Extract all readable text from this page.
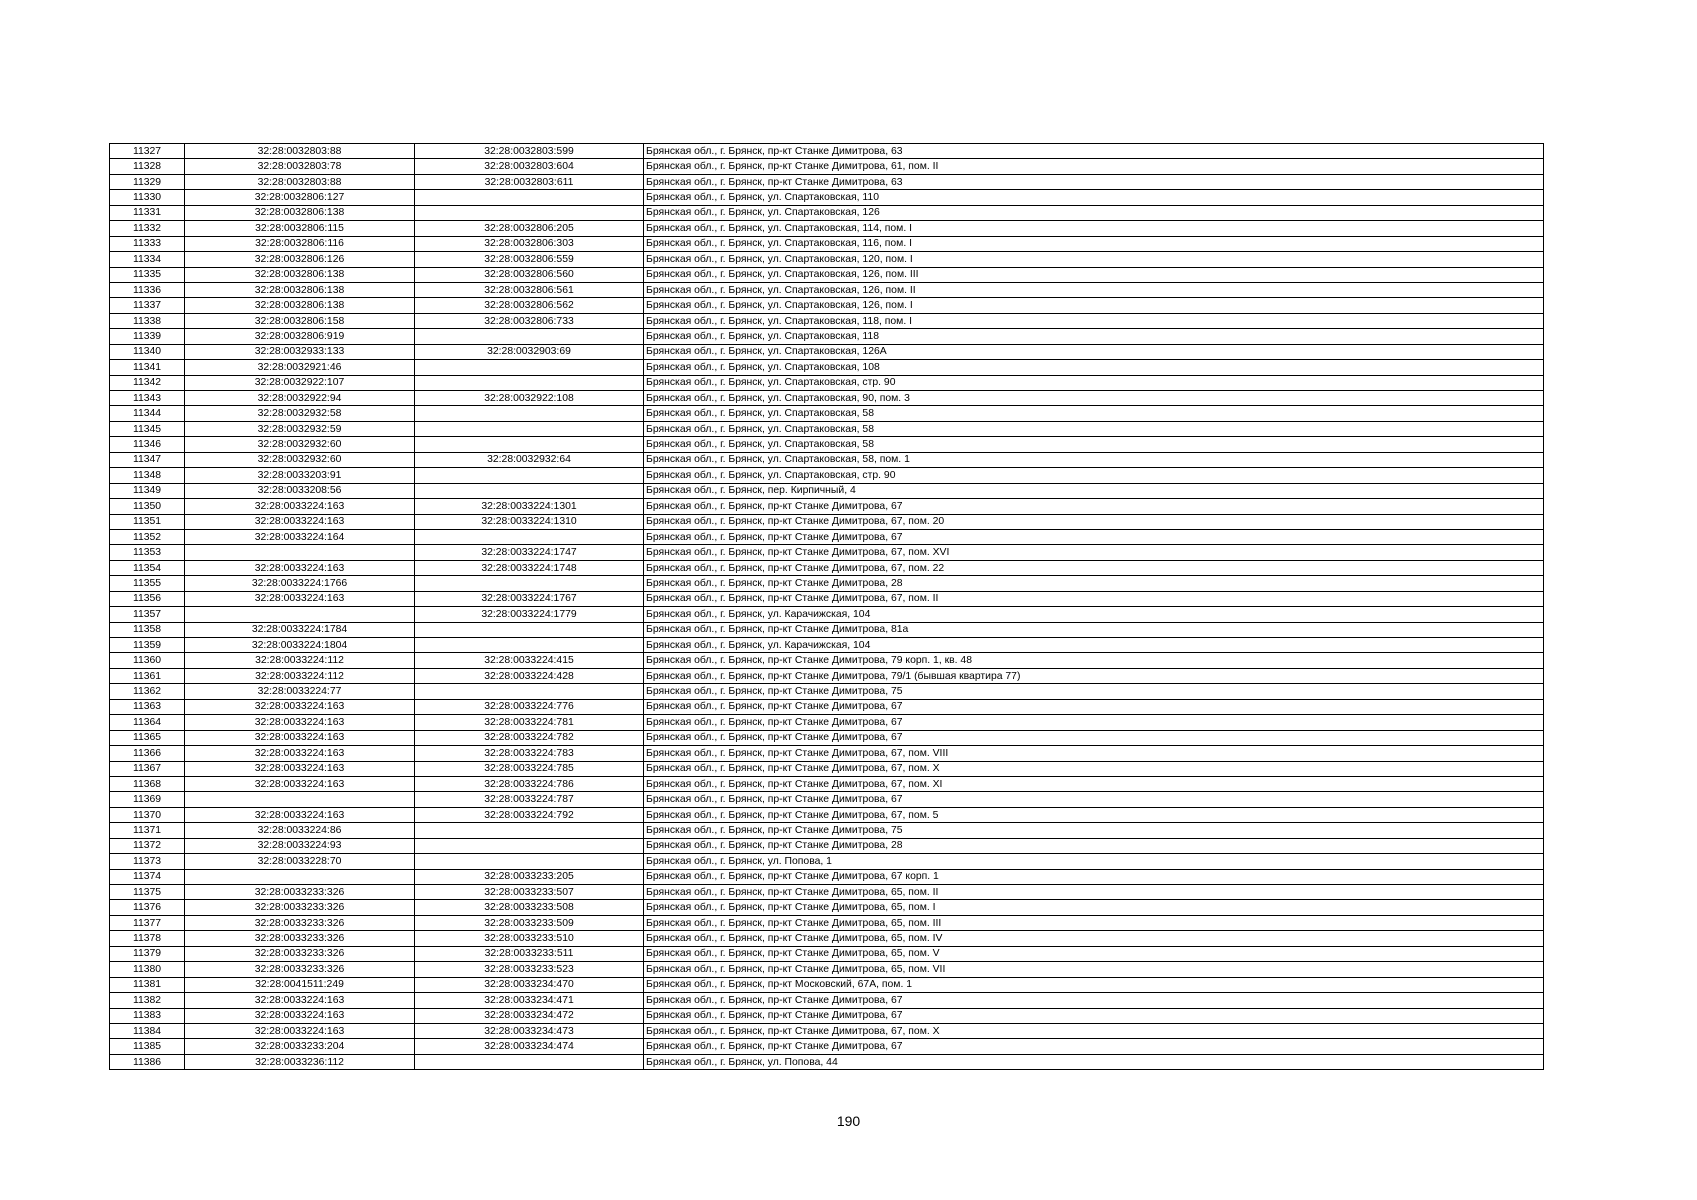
11327	32:28:0032803:88	32:28:0032803:599	Брянская обл., г. Брянск, пр-кт Станке Димитрова, 63
11328	32:28:0032803:78	32:28:0032803:604	Брянская обл., г. Брянск, пр-кт Станке Димитрова, 61, пом. II
11329	32:28:0032803:88	32:28:0032803:611	Брянская обл., г. Брянск, пр-кт Станке Димитрова, 63
11330	32:28:0032806:127		Брянская обл., г. Брянск, ул. Спартаковская, 110
11331	32:28:0032806:138		Брянская обл., г. Брянск, ул. Спартаковская, 126
11332	32:28:0032806:115	32:28:0032806:205	Брянская обл., г. Брянск, ул. Спартаковская, 114, пом. I
11333	32:28:0032806:116	32:28:0032806:303	Брянская обл., г. Брянск, ул. Спартаковская, 116, пом. I
11334	32:28:0032806:126	32:28:0032806:559	Брянская обл., г. Брянск, ул. Спартаковская, 120, пом. I
11335	32:28:0032806:138	32:28:0032806:560	Брянская обл., г. Брянск, ул. Спартаковская, 126, пом. III
11336	32:28:0032806:138	32:28:0032806:561	Брянская обл., г. Брянск, ул. Спартаковская, 126, пом. II
11337	32:28:0032806:138	32:28:0032806:562	Брянская обл., г. Брянск, ул. Спартаковская, 126, пом. I
11338	32:28:0032806:158	32:28:0032806:733	Брянская обл., г. Брянск, ул. Спартаковская, 118, пом. I
11339	32:28:0032806:919		Брянская обл., г. Брянск, ул. Спартаковская, 118
11340	32:28:0032933:133	32:28:0032903:69	Брянская обл., г. Брянск, ул. Спартаковская, 126А
11341	32:28:0032921:46		Брянская обл., г. Брянск, ул. Спартаковская, 108
11342	32:28:0032922:107		Брянская обл., г. Брянск, ул. Спартаковская, стр. 90
11343	32:28:0032922:94	32:28:0032922:108	Брянская обл., г. Брянск, ул. Спартаковская, 90, пом. 3
11344	32:28:0032932:58		Брянская обл., г. Брянск, ул. Спартаковская, 58
11345	32:28:0032932:59		Брянская обл., г. Брянск, ул. Спартаковская, 58
11346	32:28:0032932:60		Брянская обл., г. Брянск, ул. Спартаковская, 58
11347	32:28:0032932:60	32:28:0032932:64	Брянская обл., г. Брянск, ул. Спартаковская, 58, пом. 1
11348	32:28:0033203:91		Брянская обл., г. Брянск, ул. Спартаковская, стр. 90
11349	32:28:0033208:56		Брянская обл., г. Брянск, пер. Кирпичный, 4
11350	32:28:0033224:163	32:28:0033224:1301	Брянская обл., г. Брянск, пр-кт Станке Димитрова, 67
11351	32:28:0033224:163	32:28:0033224:1310	Брянская обл., г. Брянск, пр-кт Станке Димитрова, 67, пом. 20
11352	32:28:0033224:164		Брянская обл., г. Брянск, пр-кт Станке Димитрова, 67
11353		32:28:0033224:1747	Брянская обл., г. Брянск, пр-кт Станке Димитрова, 67, пом. XVI
11354	32:28:0033224:163	32:28:0033224:1748	Брянская обл., г. Брянск, пр-кт Станке Димитрова, 67, пом. 22
11355	32:28:0033224:1766		Брянская обл., г. Брянск, пр-кт Станке Димитрова, 28
11356	32:28:0033224:163	32:28:0033224:1767	Брянская обл., г. Брянск, пр-кт Станке Димитрова, 67, пом. II
11357		32:28:0033224:1779	Брянская обл., г. Брянск, ул. Карачижская, 104
11358	32:28:0033224:1784		Брянская обл., г. Брянск, пр-кт Станке Димитрова, 81а
11359	32:28:0033224:1804		Брянская обл., г. Брянск, ул. Карачижская, 104
11360	32:28:0033224:112	32:28:0033224:415	Брянская обл., г. Брянск, пр-кт Станке Димитрова, 79 корп. 1, кв. 48
11361	32:28:0033224:112	32:28:0033224:428	Брянская обл., г. Брянск, пр-кт Станке Димитрова, 79/1 (бывшая квартира 77)
11362	32:28:0033224:77		Брянская обл., г. Брянск, пр-кт Станке Димитрова, 75
11363	32:28:0033224:163	32:28:0033224:776	Брянская обл., г. Брянск, пр-кт Станке Димитрова, 67
11364	32:28:0033224:163	32:28:0033224:781	Брянская обл., г. Брянск, пр-кт Станке Димитрова, 67
11365	32:28:0033224:163	32:28:0033224:782	Брянская обл., г. Брянск, пр-кт Станке Димитрова, 67
11366	32:28:0033224:163	32:28:0033224:783	Брянская обл., г. Брянск, пр-кт Станке Димитрова, 67, пом. VIII
11367	32:28:0033224:163	32:28:0033224:785	Брянская обл., г. Брянск, пр-кт Станке Димитрова, 67, пом. X
11368	32:28:0033224:163	32:28:0033224:786	Брянская обл., г. Брянск, пр-кт Станке Димитрова, 67, пом. XI
11369		32:28:0033224:787	Брянская обл., г. Брянск, пр-кт Станке Димитрова, 67
11370	32:28:0033224:163	32:28:0033224:792	Брянская обл., г. Брянск, пр-кт Станке Димитрова, 67, пом. 5
11371	32:28:0033224:86		Брянская обл., г. Брянск, пр-кт Станке Димитрова, 75
11372	32:28:0033224:93		Брянская обл., г. Брянск, пр-кт Станке Димитрова, 28
11373	32:28:0033228:70		Брянская обл., г. Брянск, ул. Попова, 1
11374		32:28:0033233:205	Брянская обл., г. Брянск, пр-кт Станке Димитрова, 67 корп. 1
11375	32:28:0033233:326	32:28:0033233:507	Брянская обл., г. Брянск, пр-кт Станке Димитрова, 65, пом. II
11376	32:28:0033233:326	32:28:0033233:508	Брянская обл., г. Брянск, пр-кт Станке Димитрова, 65, пом. I
11377	32:28:0033233:326	32:28:0033233:509	Брянская обл., г. Брянск, пр-кт Станке Димитрова, 65, пом. III
11378	32:28:0033233:326	32:28:0033233:510	Брянская обл., г. Брянск, пр-кт Станке Димитрова, 65, пом. IV
11379	32:28:0033233:326	32:28:0033233:511	Брянская обл., г. Брянск, пр-кт Станке Димитрова, 65, пом. V
11380	32:28:0033233:326	32:28:0033233:523	Брянская обл., г. Брянск, пр-кт Станке Димитрова, 65, пом. VII
11381	32:28:0041511:249	32:28:0033234:470	Брянская обл., г. Брянск, пр-кт Московский, 67А, пом. 1
11382	32:28:0033224:163	32:28:0033234:471	Брянская обл., г. Брянск, пр-кт Станке Димитрова, 67
11383	32:28:0033224:163	32:28:0033234:472	Брянская обл., г. Брянск, пр-кт Станке Димитрова, 67
11384	32:28:0033224:163	32:28:0033234:473	Брянская обл., г. Брянск, пр-кт Станке Димитрова, 67, пом. X
11385	32:28:0033233:204	32:28:0033234:474	Брянская обл., г. Брянск, пр-кт Станке Димитрова, 67
11386	32:28:0033236:112		Брянская обл., г. Брянск, ул. Попова, 44
190
